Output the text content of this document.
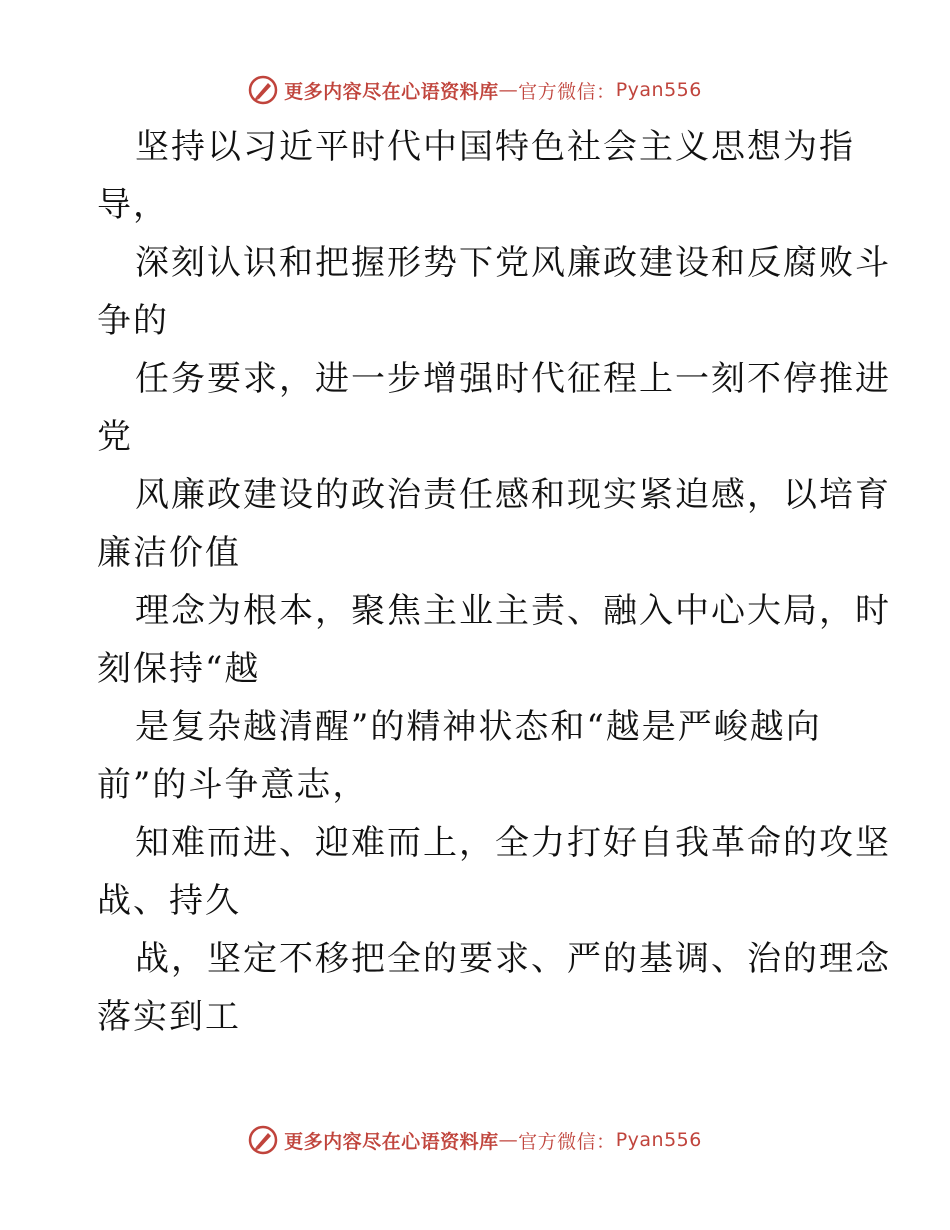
更多内容尽在心语资料库 — 官方微信： Pyan556
坚持以习近平时代中国特色社会主义思想为指
导，
深刻认识和把握形势下党风廉政建设和反腐败斗
争的
任务要求，进一步增强时代征程上一刻不停推进
党
风廉政建设的政治责任感和现实紧迫感，以培育
廉洁价值
理念为根本，聚焦主业主责、融入中心大局，时
刻保持“越
是复杂越清醒”的精神状态和“越是严峻越向
前”的斗争意志，
知难而进、迎难而上，全力打好自我革命的攻坚
战、持久
战，坚定不移把全的要求、严的基调、治的理念
落实到工
更多内容尽在心语资料库 — 官方微信： Pyan556
